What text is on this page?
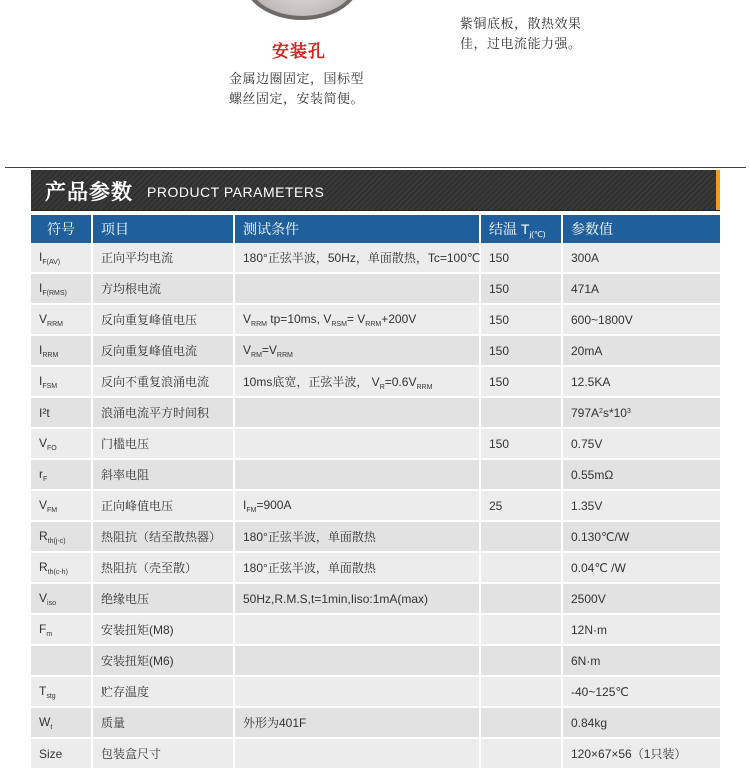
安装孔
金属边圈固定，国标型
螺丝固定，安装简便。
紫铜底板，散热效果
佳，过电流能力强。
产品参数 PRODUCT PARAMETERS
符号	项目	测试条件	结温 $T_{j(℃)}$	参数值
$I_{F(AV)}$	正向平均电流	180°正弦半波，50Hz，单面散热，Tc=100℃	150	300A
$I_{F(RMS)}$	方均根电流		150	471A
$V_{RRM}$	反向重复峰值电压	$V_{RRM}$ tp=10ms, $V_{RSM}= V_{RRM}+200V$	150	600~1800V
$I_{RRM}$	反向重复峰值电流	$V_{RM}=V_{RRM}$	150	20mA
$I_{FSM}$	反向不重复浪涌电流	10ms底宽，正弦半波， $V_R=0.6V_{RRM}$	150	12.5KA
I²t	浪涌电流平方时间积			$797A^2s*10^3$
$V_{FO}$	门槛电压		150	0.75V
$r_F$	斜率电阻			0.55mΩ
$V_{FM}$	正向峰值电压	$I_{FM}=900A$	25	1.35V
$R_{th(j-c)}$	热阻抗（结至散热器）	180°正弦半波，单面散热		0.130℃/W
$R_{th(c-h)}$	热阻抗（壳至散）	180°正弦半波，单面散热		0.04℃ /W
$V_{iso}$	绝缘电压	50Hz,R.M.S,t=1min,Iiso:1mA(max)		2500V
$F_m$	安装扭矩(M8)			12N·m
	安装扭矩(M6)			6N·m
$T_{stg}$	贮存温度			-40~125℃
$W_t$	质量	外形为401F		0.84kg
Size	包装盒尺寸			120×67×56（1只装）
